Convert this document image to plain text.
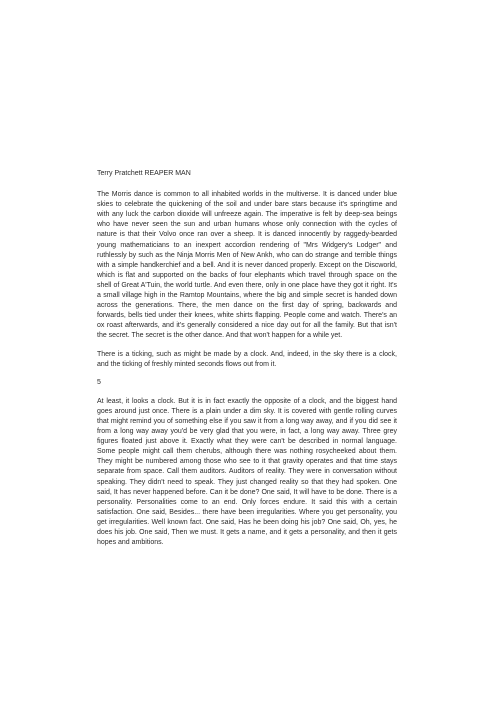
Terry Pratchett REAPER MAN

The Morris dance is common to all inhabited worlds in the multiverse. It is danced under blue skies to celebrate the quickening of the soil and under bare stars because it's springtime and with any luck the carbon dioxide will unfreeze again. The imperative is felt by deep-sea beings who have never seen the sun and urban humans whose only connection with the cycles of nature is that their Volvo once ran over a sheep. It is danced innocently by raggedy-bearded young mathematicians to an inexpert accordion rendering of "Mrs Widgery's Lodger" and ruthlessly by such as the Ninja Morris Men of New Ankh, who can do strange and terrible things with a simple handkerchief and a bell. And it is never danced properly. Except on the Discworld, which is flat and supported on the backs of four elephants which travel through space on the shell of Great A'Tuin, the world turtle. And even there, only in one place have they got it right. It's a small village high in the Ramtop Mountains, where the big and simple secret is handed down across the generations. There, the men dance on the first day of spring, backwards and forwards, bells tied under their knees, white shirts flapping. People come and watch. There's an ox roast afterwards, and it's generally considered a nice day out for all the family. But that isn't the secret. The secret is the other dance. And that won't happen for a while yet.

There is a ticking, such as might be made by a clock. And, indeed, in the sky there is a clock, and the ticking of freshly minted seconds flows out from it.

5

At least, it looks a clock. But it is in fact exactly the opposite of a clock, and the biggest hand goes around just once. There is a plain under a dim sky. It is covered with gentle rolling curves that might remind you of something else if you saw it from a long way away, and if you did see it from a long way away you'd be very glad that you were, in fact, a long way away. Three grey figures floated just above it. Exactly what they were can't be described in normal language. Some people might call them cherubs, although there was nothing rosycheeked about them. They might be numbered among those who see to it that gravity operates and that time stays separate from space. Call them auditors. Auditors of reality. They were in conversation without speaking. They didn't need to speak. They just changed reality so that they had spoken. One said, It has never happened before. Can it be done? One said, It will have to be done. There is a personality. Personalities come to an end. Only forces endure. It said this with a certain satisfaction. One said, Besides... there have been irregularities. Where you get personality, you get irregularities. Well known fact. One said, Has he been doing his job? One said, Oh, yes, he does his job. One said, Then we must. It gets a name, and it gets a personality, and then it gets hopes and ambitions.
